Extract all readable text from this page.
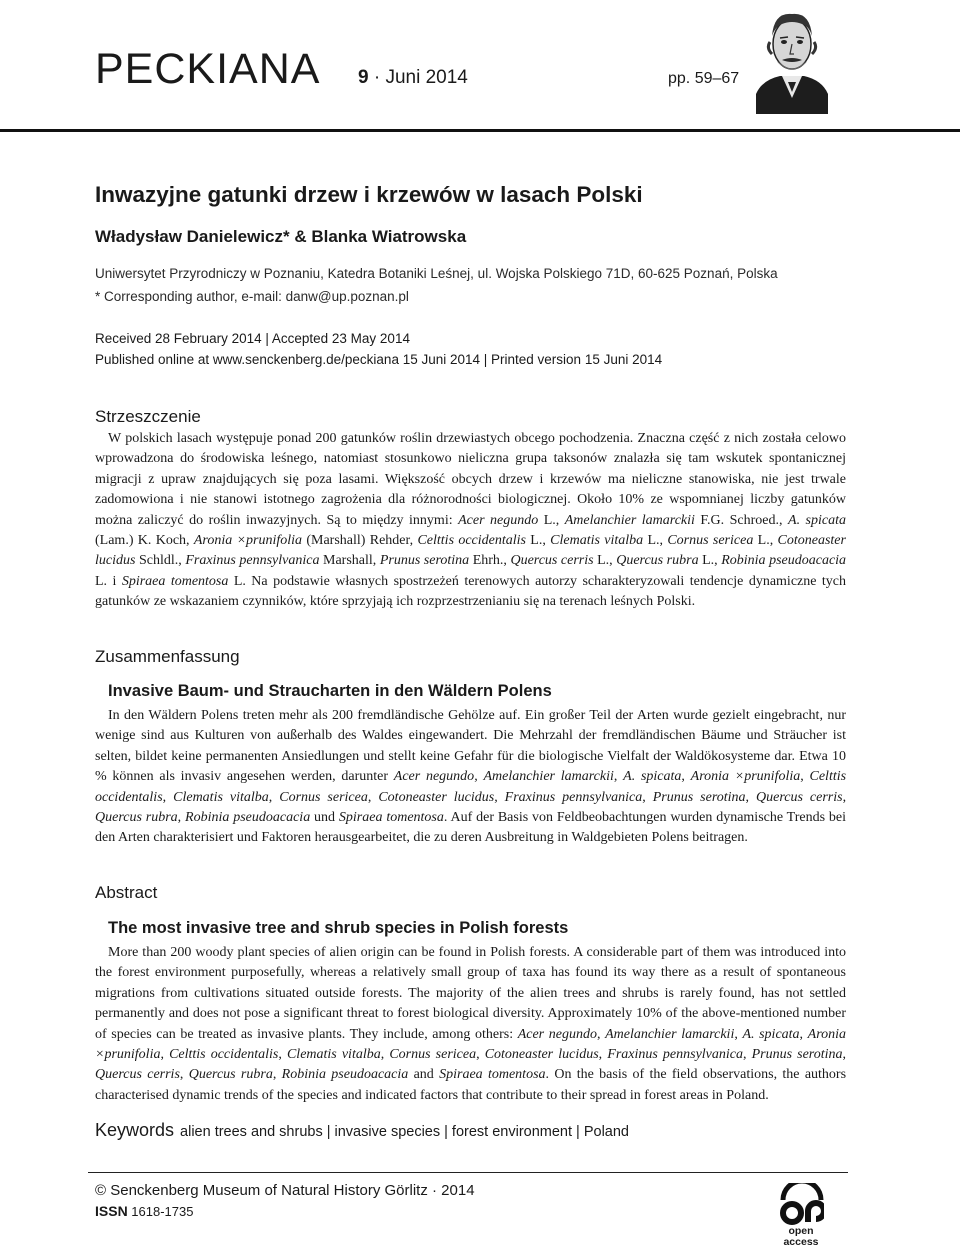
PECKIANA 9 · Juni 2014	pp. 59–67
Inwazyjne gatunki drzew i krzewów w lasach Polski
Władysław Danielewicz* & Blanka Wiatrowska
Uniwersytet Przyrodniczy w Poznaniu, Katedra Botaniki Leśnej, ul. Wojska Polskiego 71D, 60-625 Poznań, Polska
* Corresponding author, e-mail: danw@up.poznan.pl
Received 28 February 2014 | Accepted 23 May 2014
Published online at www.senckenberg.de/peckiana 15 Juni 2014 | Printed version 15 Juni 2014
Strzeszczenie

W polskich lasach występuje ponad 200 gatunków roślin drzewiastych obcego pochodzenia. Znaczna część z nich została celowo wprowadzona do środowiska leśnego, natomiast stosunkowo nieliczna grupa taksonów znalazła się tam wskutek spontanicznej migracji z upraw znajdujących się poza lasami. Większość obcych drzew i krzewów ma nieliczne stanowiska, nie jest trwale zadomowiona i nie stanowi istotnego zagrożenia dla różnorodności biologicznej. Około 10% ze wspomnianej liczby gatunków można zaliczyć do roślin inwazyjnych. Są to między innymi: Acer negundo L., Amelanchier lamarckii F.G. Schroed., A. spicata (Lam.) K. Koch, Aronia ×prunifolia (Marshall) Rehder, Celttis occidentalis L., Clematis vitalba L., Cornus sericea L., Cotoneaster lucidus Schldl., Fraxinus pennsylvanica Marshall, Prunus serotina Ehrh., Quercus cerris L., Quercus rubra L., Robinia pseudoacacia L. i Spiraea tomentosa L. Na podstawie własnych spostrzeżeń terenowych autorzy scharakteryzowali tendencje dynamiczne tych gatunków ze wskazaniem czynników, które sprzyjają ich rozprzestrzenianiu się na terenach leśnych Polski.

Zusammenfassung
Invasive Baum- und Straucharten in den Wäldern Polens

In den Wäldern Polens treten mehr als 200 fremdländische Gehölze auf. Ein großer Teil der Arten wurde gezielt eingebracht, nur wenige sind aus Kulturen von außerhalb des Waldes eingewandert. Die Mehrzahl der fremdländischen Bäume und Sträucher ist selten, bildet keine permanenten Ansiedlungen und stellt keine Gefahr für die biologische Vielfalt der Waldökosysteme dar. Etwa 10 % können als invasiv angesehen werden, darunter Acer negundo, Amelanchier lamarckii, A. spicata, Aronia ×prunifolia, Celttis occidentalis, Clematis vitalba, Cornus sericea, Cotoneaster lucidus, Fraxinus pennsylvanica, Prunus serotina, Quercus cerris, Quercus rubra, Robinia pseudoacacia und Spiraea tomentosa. Auf der Basis von Feldbeobachtungen wurden dynamische Trends bei den Arten charakterisiert und Faktoren herausgearbeitet, die zu deren Ausbreitung in Waldgebieten Polens beitragen.

Abstract
The most invasive tree and shrub species in Polish forests

More than 200 woody plant species of alien origin can be found in Polish forests. A considerable part of them was introduced into the forest environment purposefully, whereas a relatively small group of taxa has found its way there as a result of spontaneous migrations from cultivations situated outside forests. The majority of the alien trees and shrubs is rarely found, has not settled permanently and does not pose a significant threat to forest biological diversity. Approximately 10% of the above-mentioned number of species can be treated as invasive plants. They include, among others: Acer negundo, Amelanchier lamarckii, A. spicata, Aronia ×prunifolia, Celttis occidentalis, Clematis vitalba, Cornus sericea, Cotoneaster lucidus, Fraxinus pennsylvanica, Prunus serotina, Quercus cerris, Quercus rubra, Robinia pseudoacacia and Spiraea tomentosa. On the basis of the field observations, the authors characterised dynamic trends of the species and indicated factors that contribute to their spread in forest areas in Poland.

Keywords alien trees and shrubs | invasive species | forest environment | Poland
© Senckenberg Museum of Natural History Görlitz · 2014
ISSN 1618-1735
open access
